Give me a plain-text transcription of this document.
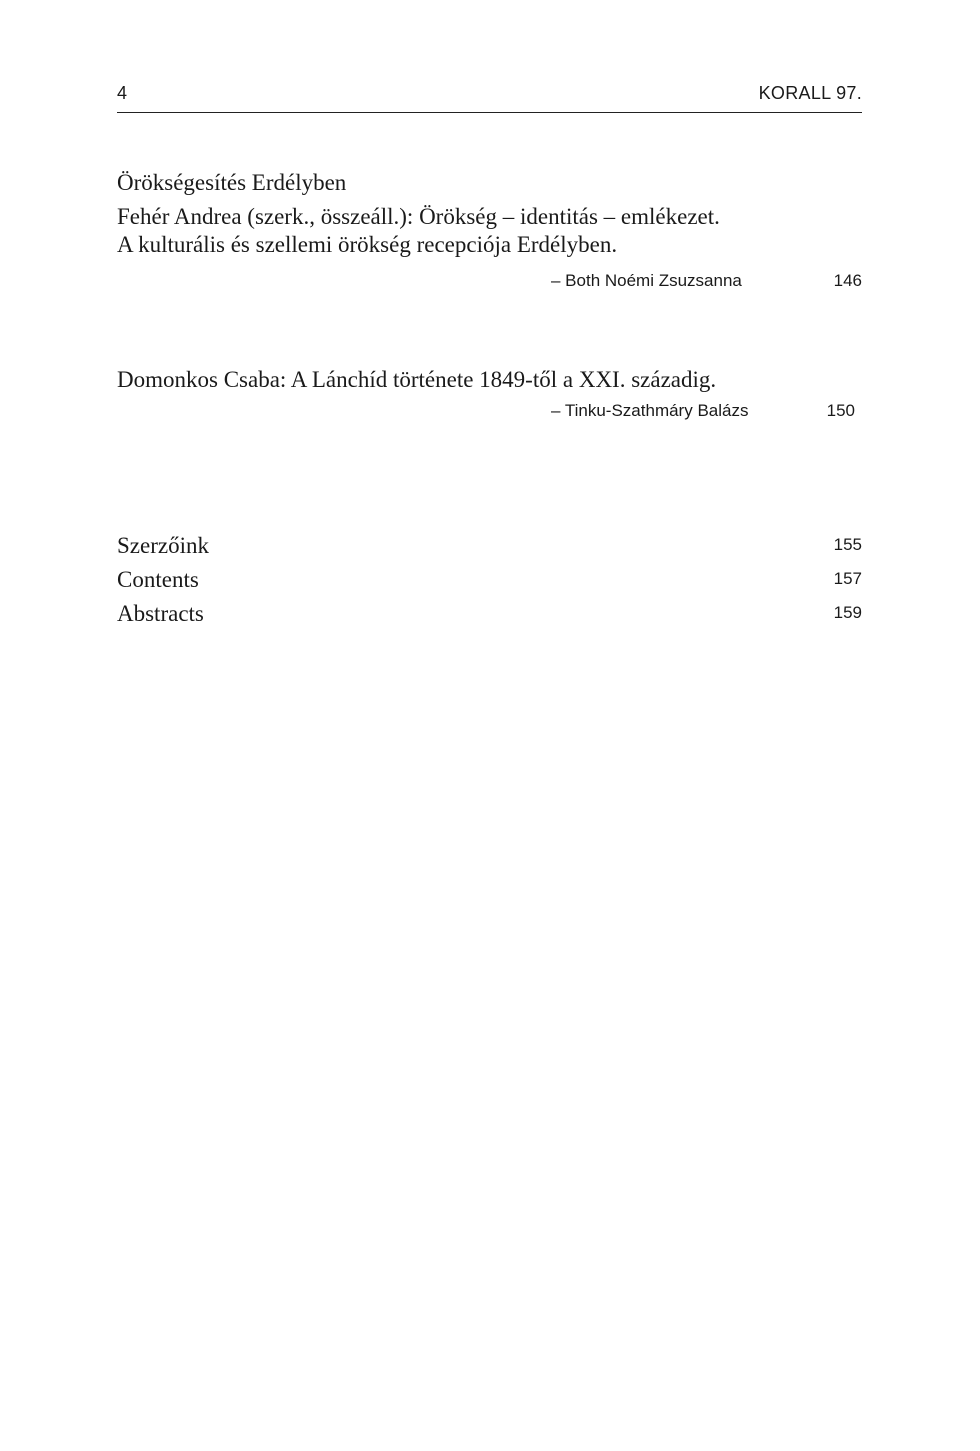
4	KORALL 97.
Örökségesítés Erdélyben
Fehér Andrea (szerk., összeáll.): Örökség – identitás – emlékezet.
A kulturális és szellemi örökség recepciója Erdélyben.
– Both Noémi Zsuzsanna	146
Domonkos Csaba: A Lánchíd története 1849-től a XXI. századig.
– Tinku-Szathmáry Balázs	150
Szerzőink	155
Contents	157
Abstracts	159
